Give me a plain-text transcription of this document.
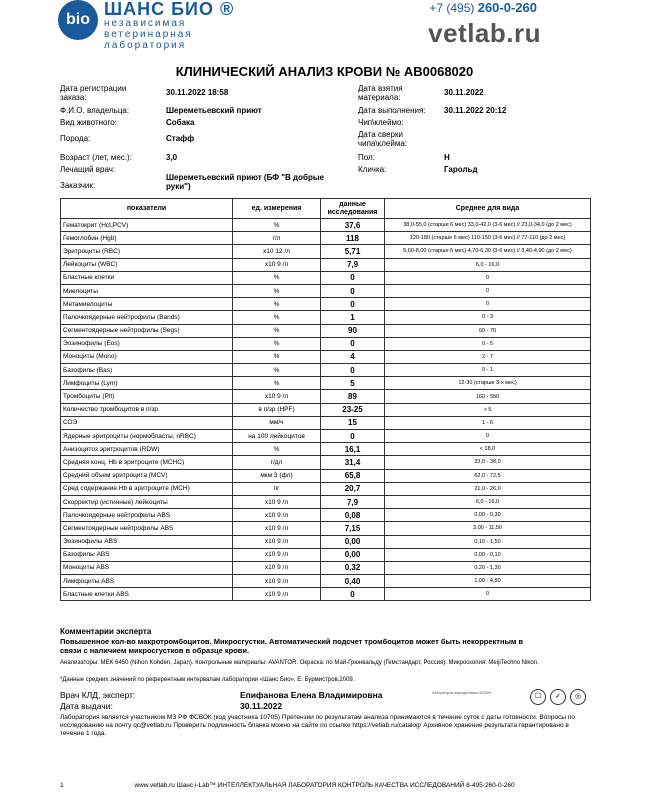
bio
ШАНС БИО ®
независимая
ветеринарная
лаборатория
+7 (495) 260-0-260
vetlab.ru
КЛИНИЧЕСКИЙ АНАЛИЗ КРОВИ № AB0068020
Дата регистрации заказа:
30.11.2022 18:58
Ф.И.О. владельца:	Шереметьевский приют
Вид животного:	Собака
Порода:	Стафф
Возраст (лет, мес.):	3,0
Лечащий врач:
Заказчик:
Шереметьевский приют (БФ "В добрые руки")
Дата взятия материала:
30.11.2022
Дата выполнения: 30.11.2022 20:12
Чип\клеймо:
Дата сверки чипа\клейма:
Пол:	Н
Кличка:	Гарольд
показатели	ед. измерения	данные исследования	Среднее для вида
Гематокрит (Hct,PCV)	%	37,6	38,0-55,0 (старше 6 мес) 33,0-42,0 (3-6 мес) // 23,0-34,0 (до 2 мес)
Гемоглобин (Hgb)	г/л	118	120-180 (старше 6 мес) 110-150 (3-6 мес) // 77-110 (до 2 мес)
Эритроциты (RBC)	x10 12 /л	5,71	5,60-8,00 (старше 6 мес) 4,70-6,30 (3-6 мес) // 3,40-4,90 (до 2 мес)
Лейкоциты (WBC)	x10 9 /л	7,9	6,0 - 16,0
Бластные клетки	%	0	0
Миелоциты	%	0	0
Метамиелоциты	%	0	0
Палочкоядерные нейтрофилы (Bands)	%	1	0 - 3
Сегментоядерные нейтрофилы (Segs)	%	90	60 - 70
Эозинофилы (Eos)	%	0	0 - 5
Моноциты (Mono)	%	4	2 - 7
Базофилы (Bas)	%	0	0 - 1
Лимфоциты (Lym)	%	5	12-30 (старше 3-х мес)
Тромбоциты (Plt)	x10 9 /л	89	160 - 550
Количество тромбоцитов в п/зр	в п/зр (HPF)	23-25	> 5
СОЭ	мм/ч	15	1 - 6
Ядерные эритроциты (нормобласты, nRBC)	на 100 лейкоцитов	0	0
Анизоцитоз эритроцитов (RDW)	%	16,1	< 18,0
Средняя конц. Hb в эритроците (MCHC)	г/дл	31,4	33,0 - 38,0
Средний объем эритроцита (MCV)	мкм 3 (фл)	65,8	62,0 - 72,5
Сред содержание Hb в эритроците (MCH)	пг	20,7	21,0 - 26,0
Скорректир (истинные) лейкоциты	x10 9 /л	7,9	6,0 - 16,0
Палочкоядерные нейтрофилы ABS	x10 9 /л	0,08	0,00 - 0,30
Сегментоядерные нейтрофилы ABS	x10 9 /л	7,15	3,00 - 11,50
Эозинофилы ABS	x10 9 /л	0,00	0,10 - 1,50
Базофилы ABS	x10 9 /л	0,00	0,00 - 0,10
Моноциты ABS	x10 9 /л	0,32	0,20 - 1,30
Лимфоциты ABS	x10 9 /л	0,40	1,00 - 4,80
Бластные клетки ABS	x10 9 /л	0	0
Комментарии эксперта
Повышенное кол-во макротромбоцитов. Микросгустки. Автоматический подсчет тромбоцитов может быть некорректным в связи с наличием микросгустков в образце крови.
Анализаторы: MEK 6450 (Nihon Kohden, Japan). Контрольные материалы: AVANTOR. Окраска: по Май-Грюнвальду (Гемстандарт, Россия). Микроскопия: MeijiTechno Nikon.
*Данные средних значений по референтным интервалам лаборатории «Шанс Био», Е. Бурмистров,2009.
Врач КЛД, эксперт:	Епифанова Елена Владимировна
Дата выдачи:	30.11.2022
Лаборатория аккредитована ФСВОК	☐	✓	◎
Лаборатория является участником МЗ РФ ФСВОК (код участника 10705) Претензии по результатам анализа принимаются в течение суток с даты готовности. Вопросы по исследованию на почту qc@vetlab.ru Проверить подлинность бланка можно на сайте по ссылке https://vetlab.ru/catalog/ Архивное хранение результата гарантировано в течение 1 года.
1	www.vetlab.ru Шанс i-Lab™ ИНТЕЛЛЕКТУАЛЬНАЯ ЛАБОРАТОРИЯ КОНТРОЛЬ КАЧЕСТВА ИССЛЕДОВАНИЙ 8-495-260-0-260
